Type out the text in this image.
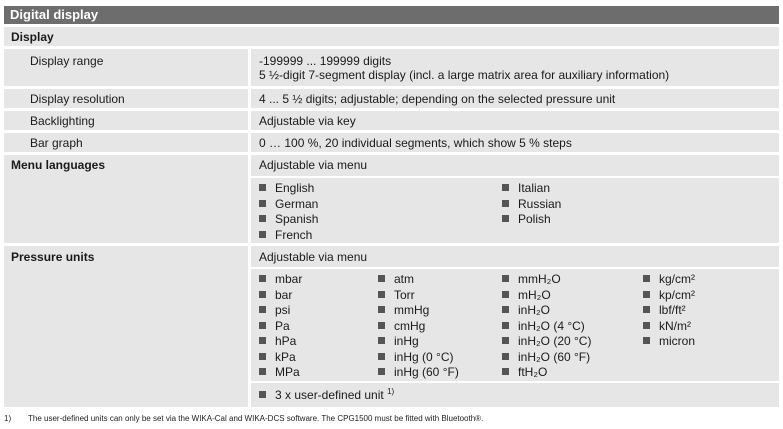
Digital display
Display
Display range	-199999 ... 199999 digits
5 ½-digit 7-segment display (incl. a large matrix area for auxiliary information)
Display resolution	4 ... 5 ½ digits; adjustable; depending on the selected pressure unit
Backlighting	Adjustable via key
Bar graph	0 … 100 %, 20 individual segments, which show 5 % steps
Menu languages	Adjustable via menu
English
German
Spanish
French
Italian
Russian
Polish
Pressure units	Adjustable via menu
mbar
bar
psi
Pa
hPa
kPa
MPa
atm
Torr
mmHg
cmHg
inHg
inHg (0 °C)
inHg (60 °F)
mmH₂O
mH₂O
inH₂O
inH₂O (4 °C)
inH₂O (20 °C)
inH₂O (60 °F)
ftH₂O
kg/cm²
kp/cm²
lbf/ft²
kN/m²
micron
3 x user-defined unit $^{1)}$
1) The user-defined units can only be set via the WIKA-Cal and WIKA-DCS software. The CPG1500 must be fitted with Bluetooth®.
